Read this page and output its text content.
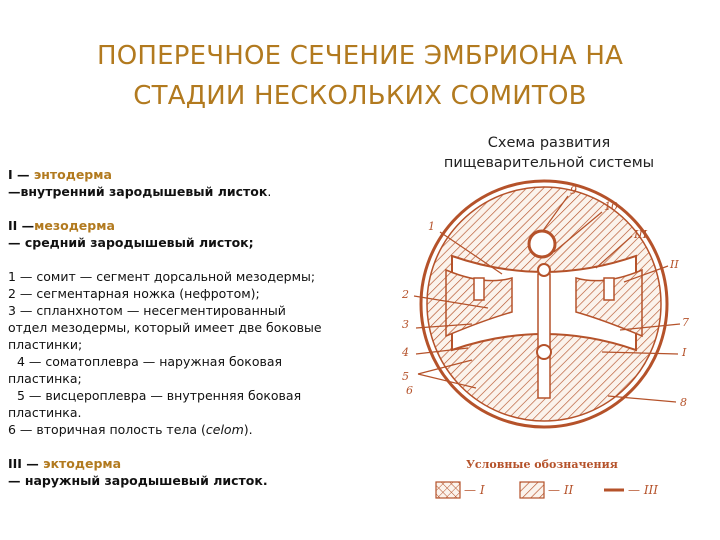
ПОПЕРЕЧНОЕ СЕЧЕНИЕ ЭМБРИОНА НА
СТАДИИ НЕСКОЛЬКИХ СОМИТОВ
Схема развития
пищеварительной системы

I — энтодерма

—внутренний зародышевый листок.

II —мезодерма

— средний зародышевый листок;

1 — сомит — сегмент дорсальной мезодермы;

2 — сегментарная ножка (нефротом);

3 — спланхнотом — несегментированный

отдел мезодермы, который имеет две боковые

пластинки;

4 — соматоплевра — наружная боковая

пластинка;

5 — висцероплевра — внутренняя боковая

пластинка.

6 — вторичная полость тела (celom).

III — эктодерма

— наружный зародышевый листок.

1
2
3
4
5
6
9
10
III
II
7
I
8
Условные обозначения
— I	— II	— III
